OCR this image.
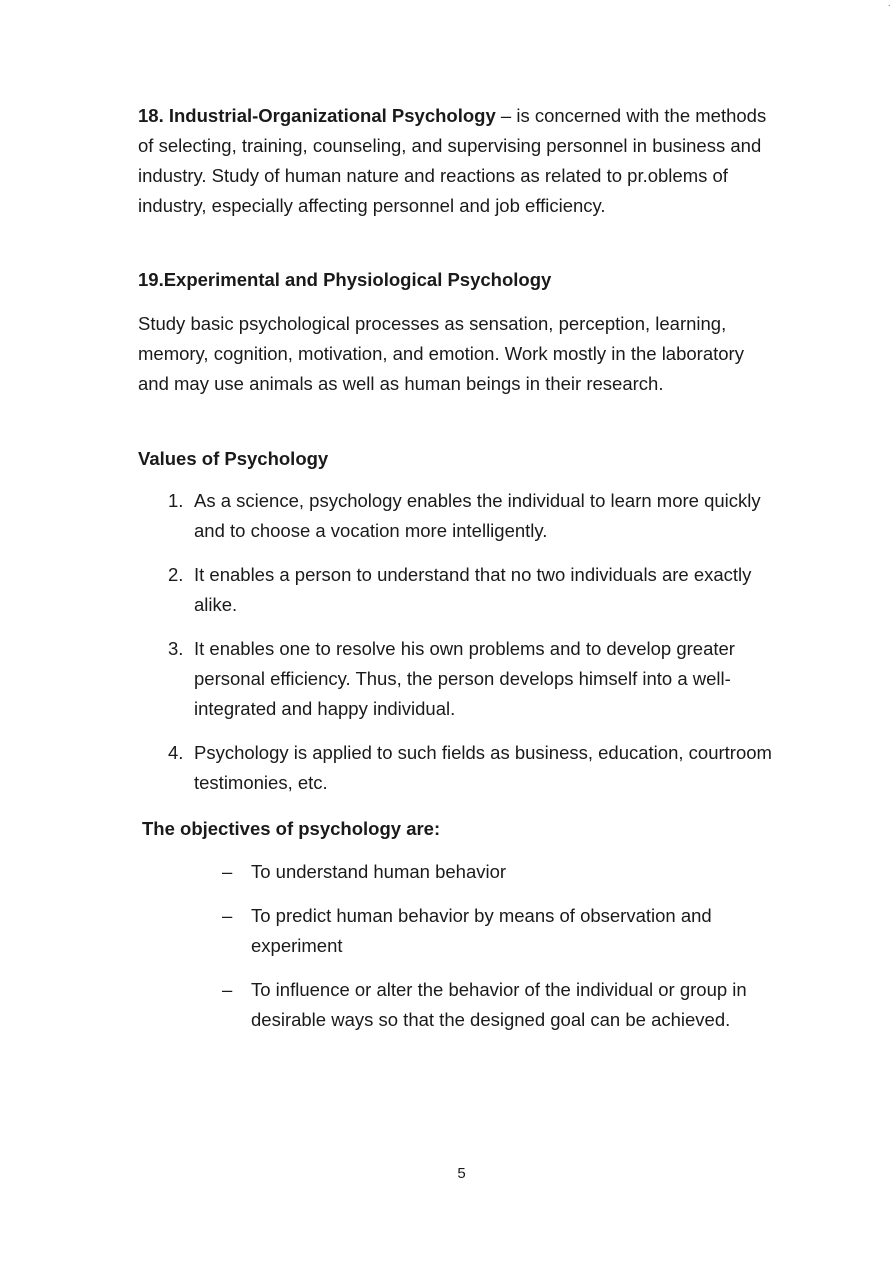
·

18. Industrial-Organizational Psychology – is concerned with the methods of selecting, training, counseling, and supervising personnel in business and industry. Study of human nature and reactions as related to pr.oblems of industry, especially affecting personnel and job efficiency.

19.Experimental and Physiological Psychology

Study basic psychological processes as sensation, perception, learning, memory, cognition, motivation, and emotion. Work mostly in the laboratory and may use animals as well as human beings in their research.

Values of Psychology
1. As a science, psychology enables the individual to learn more quickly and to choose a vocation more intelligently.
2. It enables a person to understand that no two individuals are exactly alike.
3. It enables one to resolve his own problems and to develop greater personal efficiency. Thus, the person develops himself into a well-integrated and happy individual.
4. Psychology is applied to such fields as business, education, courtroom testimonies, etc.
The objectives of psychology are:
– To understand human behavior
– To predict human behavior by means of observation and experiment
– To influence or alter the behavior of the individual or group in desirable ways so that the designed goal can be achieved.
5
